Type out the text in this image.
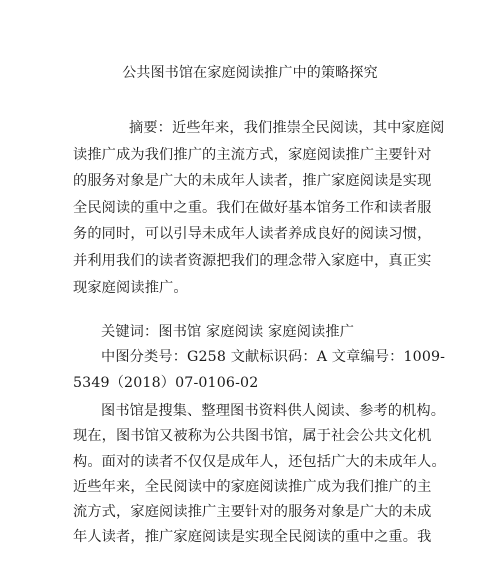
公共图书馆在家庭阅读推广中的策略探究
摘要：近些年来，我们推崇全民阅读，其中家庭阅
读推广成为我们推广的主流方式，家庭阅读推广主要针对
的服务对象是广大的未成年人读者，推广家庭阅读是实现
全民阅读的重中之重。我们在做好基本馆务工作和读者服
务的同时，可以引导未成年人读者养成良好的阅读习惯，
并利用我们的读者资源把我们的理念带入家庭中，真正实
现家庭阅读推广。
关键词：图书馆 家庭阅读 家庭阅读推广
中图分类号：G258 文献标识码：A 文章编号：1009-
5349（2018）07-0106-02
图书馆是搜集、整理图书资料供人阅读、参考的机构。
现在，图书馆又被称为公共图书馆，属于社会公共文化机
构。面对的读者不仅仅是成年人，还包括广大的未成年人。
近些年来，全民阅读中的家庭阅读推广成为我们推广的主
流方式，家庭阅读推广主要针对的服务对象是广大的未成
年人读者，推广家庭阅读是实现全民阅读的重中之重。我
